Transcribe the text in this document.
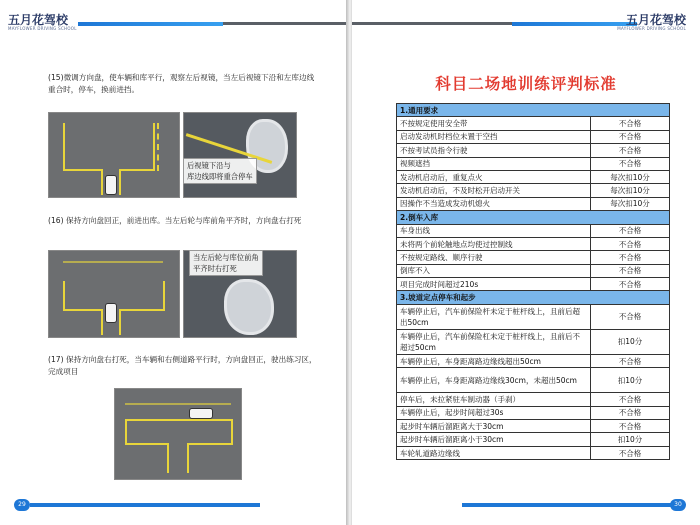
五月花驾校
MAYFLOWER DRIVING SCHOOL
(15)微调方向盘，使车辆和库平行，观察左后视镜，当左后视镜下沿和左库边线重合时，停车，换前进挡。
后视镜下沿与
库边线即将重合停车
(16) 保持方向盘回正，前进出库。当左后轮与库前角平齐时，方向盘右打死
当左后轮与库位前角
平齐时右打死
(17) 保持方向盘右打死，当车辆和右侧道路平行时，方向盘回正，驶出练习区，完成项目
29
五月花驾校
MAYFLOWER DRIVING SCHOOL
科目二场地训练评判标准
1.通用要求	
不按规定使用安全带	不合格
启动发动机时档位未置于空挡	不合格
不按考试员指令行驶	不合格
视频遮挡	不合格
发动机启动后，重复点火	每次扣10分
发动机启动后，不及时松开启动开关	每次扣10分
因操作不当造成发动机熄火	每次扣10分
2.倒车入库	
车身出线	不合格
未将两个前轮触地点均使过控制线	不合格
不按规定路线、顺序行驶	不合格
倒库不入	不合格
项目完成时间超过210s	不合格
3.坡道定点停车和起步	
车辆停止后，汽车前保险杆未定于桩杆线上，且前后超出50cm	不合格
车辆停止后，汽车前保险杠未定于桩杆线上，且前后不超过50cm	扣10分
车辆停止后，车身距离路边缘线超出50cm	不合格
车辆停止后，车身距离路边缘线30cm，未超出50cm	扣10分
停车后，未拉紧驻车制动器（手刹）	不合格
车辆停止后，起步时间超过30s	不合格
起步时车辆后溜距离大于30cm	不合格
起步时车辆后溜距离小于30cm	扣10分
车轮轧道路边缘线	不合格
30
